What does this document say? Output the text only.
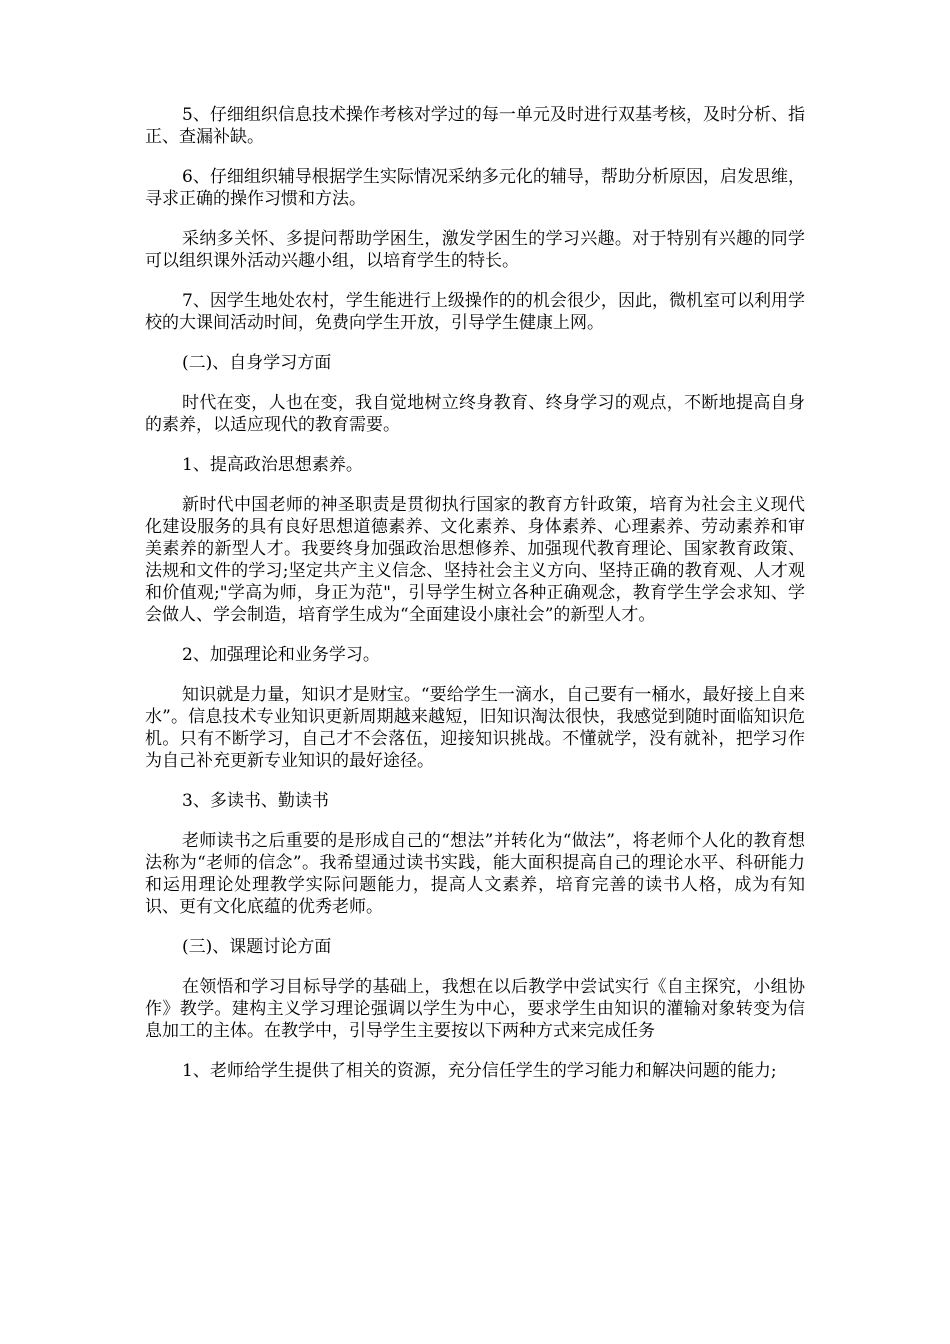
5、仔细组织信息技术操作考核对学过的每一单元及时进行双基考核，及时分析、指正、查漏补缺。

6、仔细组织辅导根据学生实际情况采纳多元化的辅导，帮助分析原因，启发思维，寻求正确的操作习惯和方法。

采纳多关怀、多提问帮助学困生，激发学困生的学习兴趣。对于特别有兴趣的同学可以组织课外活动兴趣小组，以培育学生的特长。

7、因学生地处农村，学生能进行上级操作的的机会很少，因此，微机室可以利用学校的大课间活动时间，免费向学生开放，引导学生健康上网。

(二)、自身学习方面

时代在变，人也在变，我自觉地树立终身教育、终身学习的观点，不断地提高自身的素养，以适应现代的教育需要。

1、提高政治思想素养。

新时代中国老师的神圣职责是贯彻执行国家的教育方针政策，培育为社会主义现代化建设服务的具有良好思想道德素养、文化素养、身体素养、心理素养、劳动素养和审美素养的新型人才。我要终身加强政治思想修养、加强现代教育理论、国家教育政策、法规和文件的学习;坚定共产主义信念、坚持社会主义方向、坚持正确的教育观、人才观和价值观;"学高为师，身正为范"，引导学生树立各种正确观念，教育学生学会求知、学会做人、学会制造，培育学生成为“全面建设小康社会”的新型人才。

2、加强理论和业务学习。

知识就是力量，知识才是财宝。“要给学生一滴水，自己要有一桶水，最好接上自来水”。信息技术专业知识更新周期越来越短，旧知识淘汰很快，我感觉到随时面临知识危机。只有不断学习，自己才不会落伍，迎接知识挑战。不懂就学，没有就补，把学习作为自己补充更新专业知识的最好途径。

3、多读书、勤读书

老师读书之后重要的是形成自己的“想法”并转化为“做法”，将老师个人化的教育想法称为“老师的信念”。我希望通过读书实践，能大面积提高自己的理论水平、科研能力和运用理论处理教学实际问题能力，提高人文素养，培育完善的读书人格，成为有知识、更有文化底蕴的优秀老师。

(三)、课题讨论方面

在领悟和学习目标导学的基础上，我想在以后教学中尝试实行《自主探究，小组协作》教学。建构主义学习理论强调以学生为中心，要求学生由知识的灌输对象转变为信息加工的主体。在教学中，引导学生主要按以下两种方式来完成任务

1、老师给学生提供了相关的资源，充分信任学生的学习能力和解决问题的能力;
